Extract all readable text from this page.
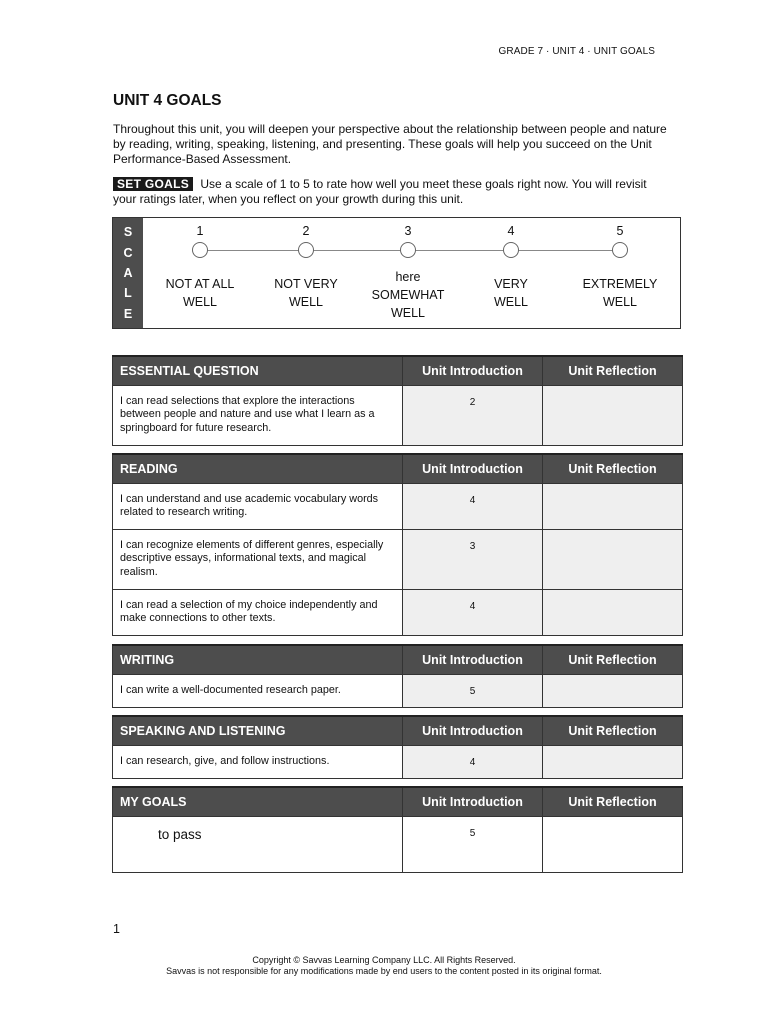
GRADE 7 · UNIT 4 · UNIT GOALS
UNIT 4 GOALS
Throughout this unit, you will deepen your perspective about the relationship between people and nature by reading, writing, speaking, listening, and presenting. These goals will help you succeed on the Unit Performance-Based Assessment.
SET GOALS Use a scale of 1 to 5 to rate how well you meet these goals right now. You will revisit your ratings later, when you reflect on your growth during this unit.
S
C
A
L
E
1
NOT AT ALL
WELL
2
NOT VERY
WELL
3
here
SOMEWHAT
WELL
4
VERY
WELL
5
EXTREMELY
WELL
ESSENTIAL QUESTION	Unit Introduction	Unit Reflection
I can read selections that explore the interactions between people and nature and use what I learn as a springboard for future research.	2	
READING	Unit Introduction	Unit Reflection
I can understand and use academic vocabulary words related to research writing.	4	
I can recognize elements of different genres, especially descriptive essays, informational texts, and magical realism.	3	
I can read a selection of my choice independently and make connections to other texts.	4	
WRITING	Unit Introduction	Unit Reflection
I can write a well-documented research paper.	5	
SPEAKING AND LISTENING	Unit Introduction	Unit Reflection
I can research, give, and follow instructions.	4	
MY GOALS	Unit Introduction	Unit Reflection
to pass	5	
1
Copyright © Savvas Learning Company LLC. All Rights Reserved.
Savvas is not responsible for any modifications made by end users to the content posted in its original format.
